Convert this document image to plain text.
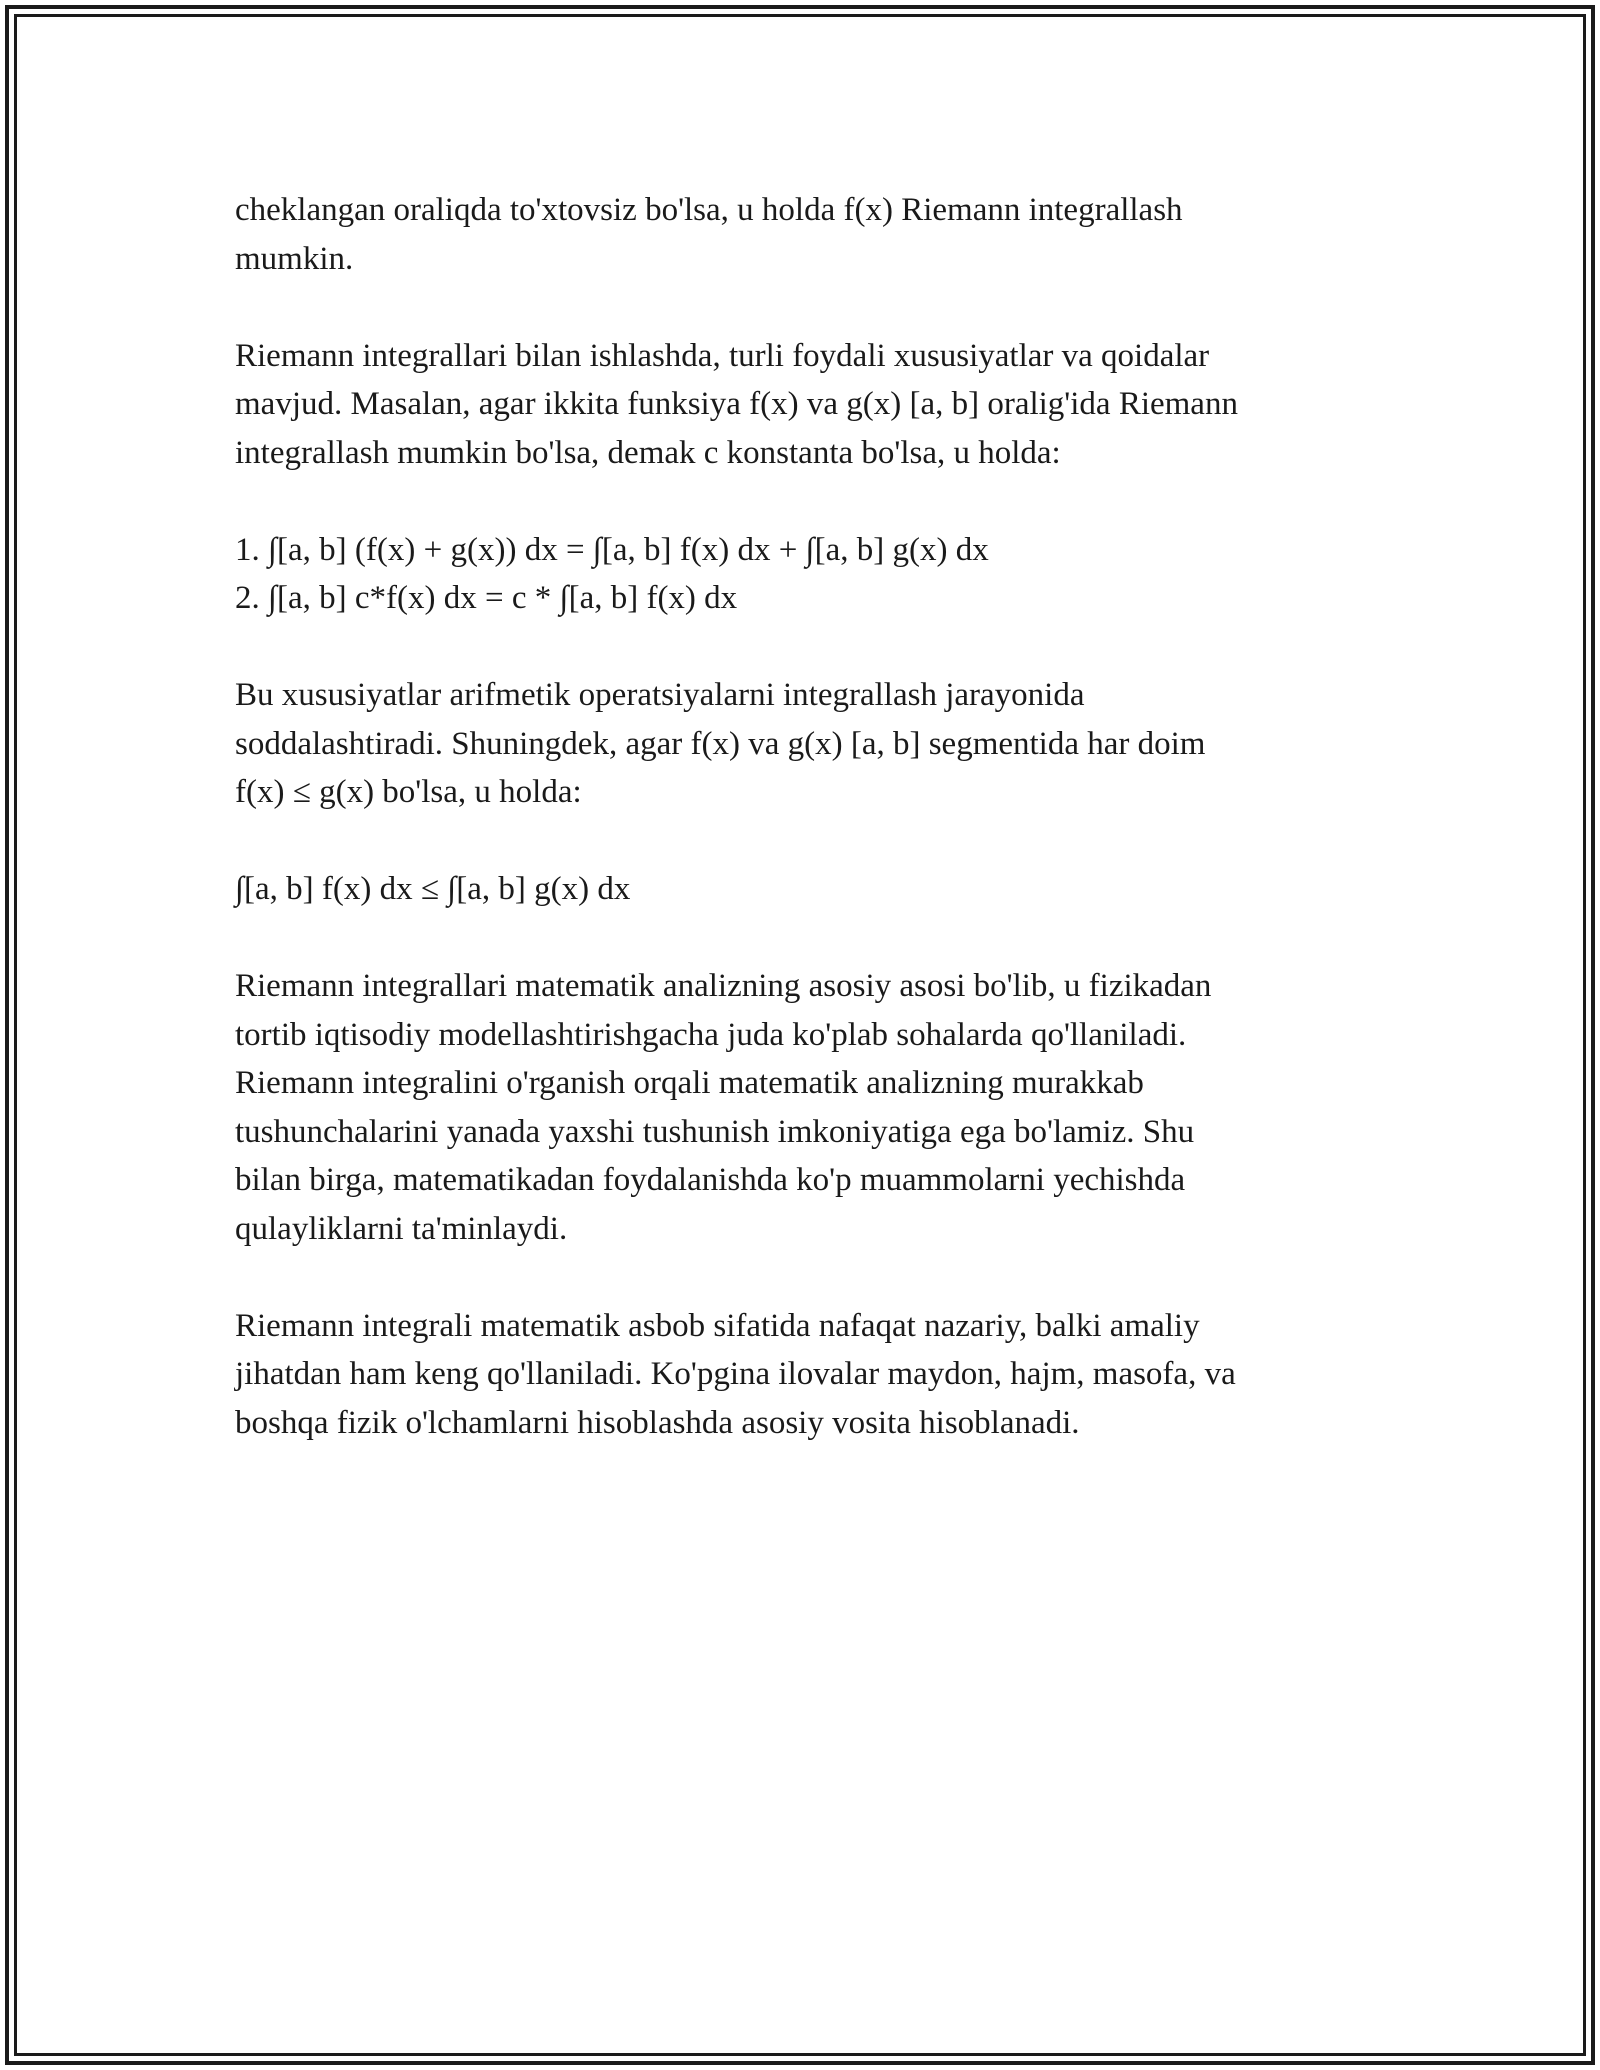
cheklangan oraliqda to'xtovsiz bo'lsa, u holda f(x) Riemann integrallash
mumkin.

Riemann integrallari bilan ishlashda, turli foydali xususiyatlar va qoidalar
mavjud. Masalan, agar ikkita funksiya f(x) va g(x) [a, b] oralig'ida Riemann
integrallash mumkin bo'lsa, demak c konstanta bo'lsa, u holda:

1. ∫[a, b] (f(x) + g(x)) dx = ∫[a, b] f(x) dx + ∫[a, b] g(x) dx
2. ∫[a, b] c*f(x) dx = c * ∫[a, b] f(x) dx

Bu xususiyatlar arifmetik operatsiyalarni integrallash jarayonida
soddalashtiradi. Shuningdek, agar f(x) va g(x) [a, b] segmentida har doim
f(x) ≤ g(x) bo'lsa, u holda:

∫[a, b] f(x) dx ≤ ∫[a, b] g(x) dx

Riemann integrallari matematik analizning asosiy asosi bo'lib, u fizikadan
tortib iqtisodiy modellashtirishgacha juda ko'plab sohalarda qo'llaniladi.
Riemann integralini o'rganish orqali matematik analizning murakkab
tushunchalarini yanada yaxshi tushunish imkoniyatiga ega bo'lamiz. Shu
bilan birga, matematikadan foydalanishda ko'p muammolarni yechishda
qulayliklarni ta'minlaydi.

Riemann integrali matematik asbob sifatida nafaqat nazariy, balki amaliy
jihatdan ham keng qo'llaniladi. Ko'pgina ilovalar maydon, hajm, masofa, va
boshqa fizik o'lchamlarni hisoblashda asosiy vosita hisoblanadi.
